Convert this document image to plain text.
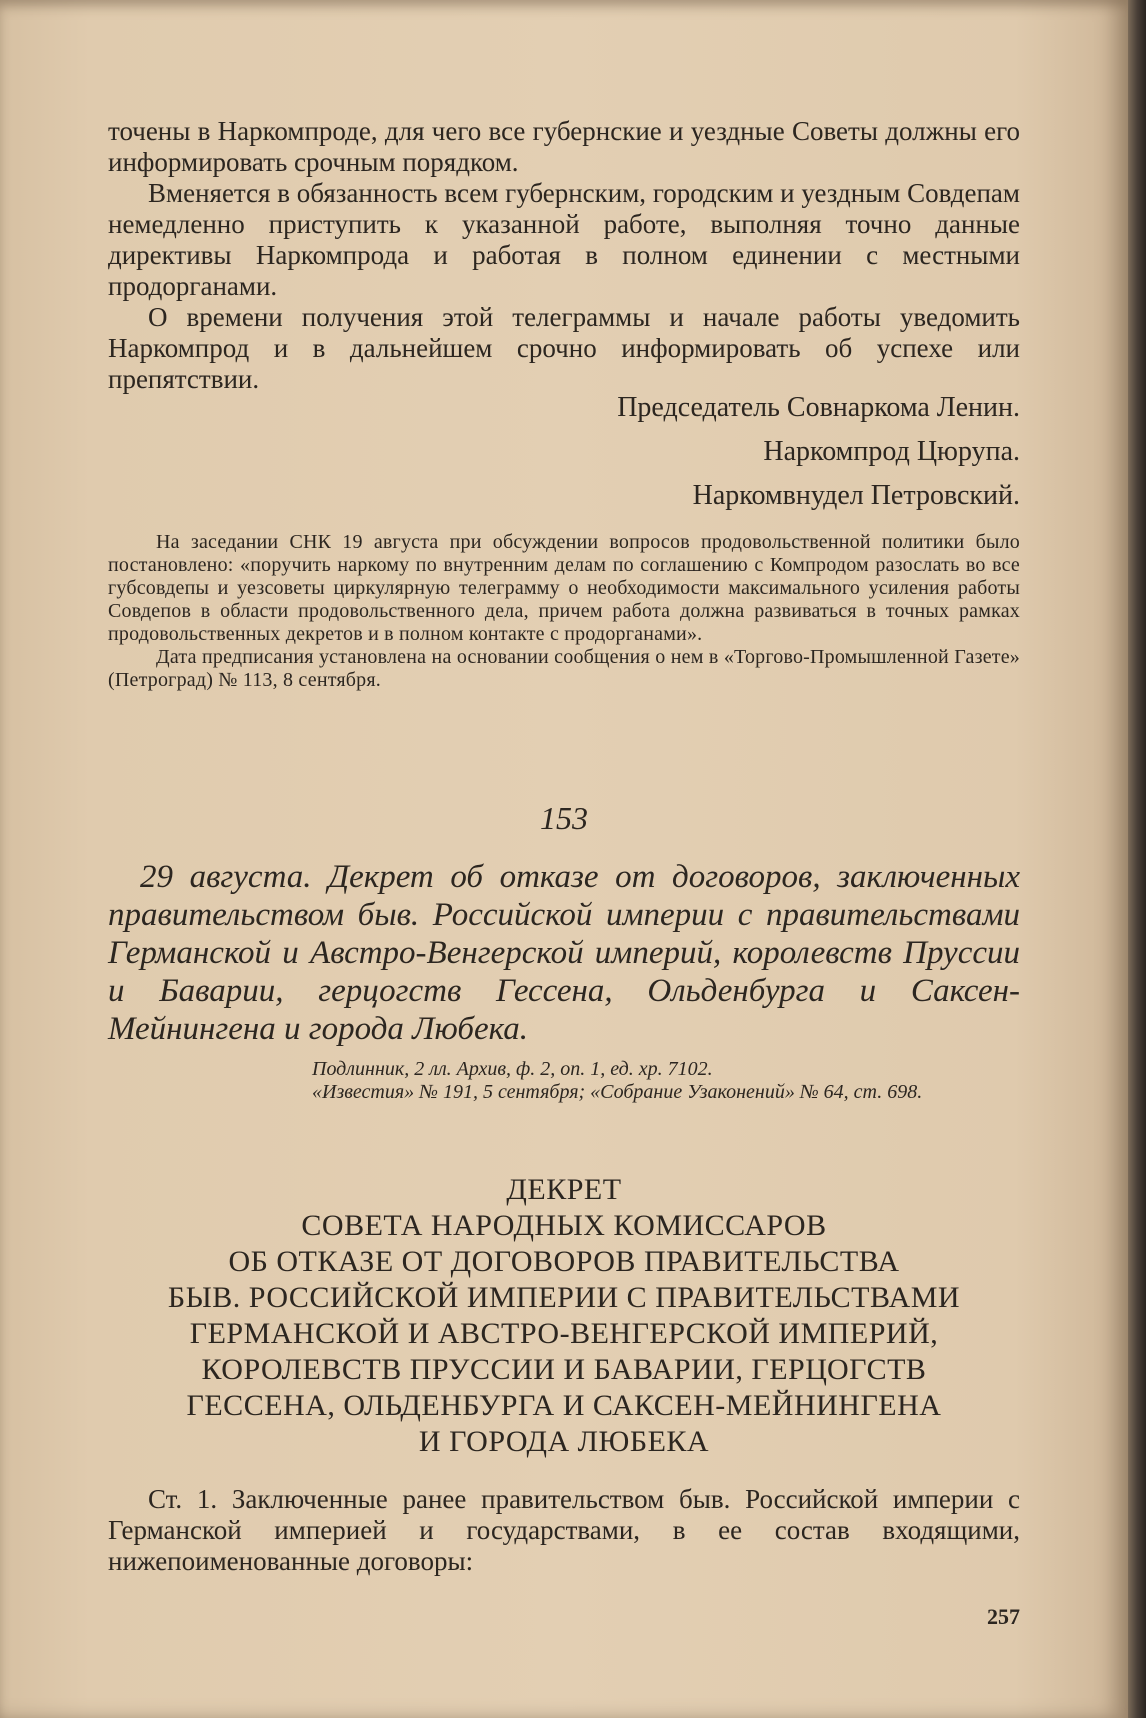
точены в Наркомпроде, для чего все губернские и уездные Советы должны его информировать срочным порядком.

Вменяется в обязанность всем губернским, городским и уездным Совдепам немедленно приступить к указанной работе, выполняя точно данные директивы Наркомпрода и работая в полном единении с местными продорганами.

О времени получения этой телеграммы и начале работы уведомить Наркомпрод и в дальнейшем срочно информировать об успехе или препятствии.

Председатель Совнаркома Ленин.
Наркомпрод Цюрупа.
Наркомвнудел Петровский.

На заседании СНК 19 августа при обсуждении вопросов продовольственной политики было постановлено: «поручить наркому по внутренним делам по соглашению с Компродом разослать во все губсовдепы и уезсоветы циркулярную телеграмму о необходимости максимального усиления работы Совдепов в области продовольственного дела, причем работа должна развиваться в точных рамках продовольственных декретов и в полном контакте с продорганами».

Дата предписания установлена на основании сообщения о нем в «Торгово-Промышленной Газете» (Петроград) № 113, 8 сентября.

153

29 августа. Декрет об отказе от договоров, заключенных правительством быв. Российской империи с правительствами Германской и Австро-Венгерской империй, королевств Пруссии и Баварии, герцогств Гессена, Ольденбурга и Саксен-Мейнингена и города Любека.

Подлинник, 2 лл. Архив, ф. 2, оп. 1, ед. хр. 7102.

«Известия» № 191, 5 сентября; «Собрание Узаконений» № 64, ст. 698.

ДЕКРЕТ
СОВЕТА НАРОДНЫХ КОМИССАРОВ
ОБ ОТКАЗЕ ОТ ДОГОВОРОВ ПРАВИТЕЛЬСТВА
БЫВ. РОССИЙСКОЙ ИМПЕРИИ С ПРАВИТЕЛЬСТВАМИ
ГЕРМАНСКОЙ И АВСТРО-ВЕНГЕРСКОЙ ИМПЕРИЙ,
КОРОЛЕВСТВ ПРУССИИ И БАВАРИИ, ГЕРЦОГСТВ
ГЕССЕНА, ОЛЬДЕНБУРГА И САКСЕН-МЕЙНИНГЕНА
И ГОРОДА ЛЮБЕКА

Ст. 1. Заключенные ранее правительством быв. Российской империи с Германской империей и государствами, в ее состав входящими, нижепоименованные договоры:

257
